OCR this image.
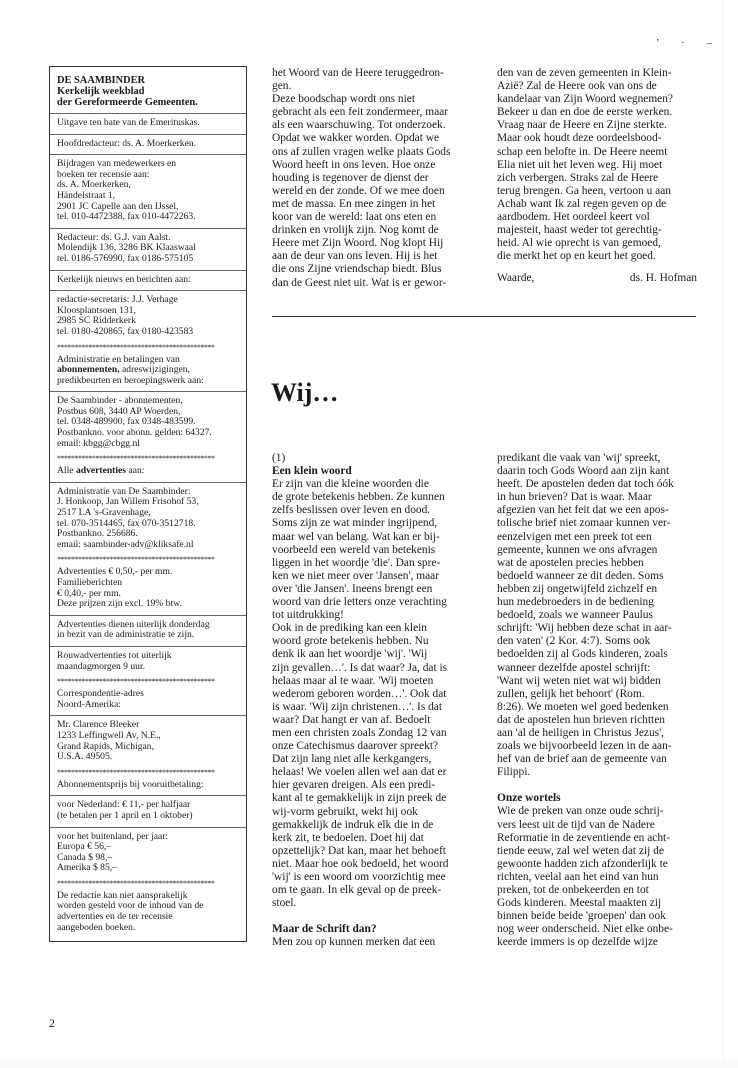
’ · –
DE SAAMBINDER
Kerkelijk weekblad
der Gereformeerde Gemeenten.

Uitgave ten bate van de Emerituskas.

Hoofdredacteur: ds. A. Moerkerken.

Bijdragen van medewerkers en

boeken ter recensie aan:

ds. A. Moerkerken,

Händelstraat 1,

2901 JC Capelle aan den IJssel,

tel. 010-4472388, fax 010-4472263.

Redacteur: ds. G.J. van Aalst.

Molendijk 136, 3286 BK Klaaswaal

tel. 0186-576990, fax 0186-575105

Kerkelijk nieuws en berichten aan:

redactie-secretaris: J.J. Verhage

Kloosplantsoen 131,

2985 SC Ridderkerk

tel. 0180-420865, fax 0180-423583

*********************************************

Administratie en betalingen van

abonnementen, adreswijzigingen,

predikbeurten en beroepingswerk aan:

De Saambinder - abonnementen,

Postbus 608, 3440 AP Woerden,

tel. 0348-489900, fax 0348-483599.

Postbankno. voor abonn. gelden: 64327.

email: kbgg@cbgg.nl

*********************************************

Alle advertenties aan:

Administratie van De Saambinder:

J. Honkoop, Jan Willem Frisohof 53,

2517 LA 's-Gravenhage,

tel. 070-3514465, fax 070-3512718.

Postbankno. 256686.

email: saambinder-adv@kliksafe.nl

*********************************************

Advertenties € 0,50,- per mm.

Familieberichten

€ 0,40,- per mm.

Deze prijzen zijn excl. 19% btw.

Advertenties dienen uiterlijk donderdag

in bezit van de administratie te zijn.

Rouwadvertenties tot uiterlijk

maandagmorgen 9 uur.

*********************************************

Correspondentie-adres

Noord-Amerika:

Mr. Clarence Bleeker

1233 Leffingwell Av, N.E.,

Grand Rapids, Michigan,

U.S.A. 49505.

*********************************************

Abonnementsprijs bij vooruitbetaling:

voor Nederland: € 11,- per halfjaar

(te betalen per 1 april en 1 oktober)

voor het buitenland, per jaar:

Europa € 56,–

Canada $ 98,–

Amerika $ 85,–

*********************************************

De redactie kan niet aansprakelijk

worden gesteld voor de inhoud van de

advertenties en de ter recensie

aangeboden boeken.

het Woord van de Heere teruggedron-

gen.

Deze boodschap wordt ons niet

gebracht als een feit zondermeer, maar

als een waarschuwing. Tot onderzoek.

Opdat we wakker worden. Opdat we

ons af zullen vragen welke plaats Gods

Woord heeft in ons leven. Hoe onze

houding is tegenover de dienst der

wereld en der zonde. Of we mee doen

met de massa. En mee zingen in het

koor van de wereld: laat ons eten en

drinken en vrolijk zijn. Nog komt de

Heere met Zijn Woord. Nog klopt Hij

aan de deur van ons leven. Hij is het

die ons Zijne vriendschap biedt. Blus

dan de Geest niet uit. Wat is er gewor-

den van de zeven gemeenten in Klein-

Azië? Zal de Heere ook van ons de

kandelaar van Zijn Woord wegnemen?

Bekeer u dan en doe de eerste werken.

Vraag naar de Heere en Zijne sterkte.

Maar ook houdt deze oordeelsbood-

schap een belofte in. De Heere neemt

Elia niet uit het leven weg. Hij moet

zich verbergen. Straks zal de Heere

terug brengen. Ga heen, vertoon u aan

Achab want Ik zal regen geven op de

aardbodem. Het oordeel keert vol

majesteit, haast weder tot gerechtig-

heid. Al wie oprecht is van gemoed,

die merkt het op en keurt het goed.

Waarde,	ds. H. Hofman
Wij…

(1)

Een klein woord

Er zijn van die kleine woorden die

de grote betekenis hebben. Ze kunnen

zelfs beslissen over leven en dood.

Soms zijn ze wat minder ingrijpend,

maar wel van belang. Wat kan er bij-

voorbeeld een wereld van betekenis

liggen in het woordje 'die'. Dan spre-

ken we niet meer over 'Jansen', maar

over 'die Jansen'. Ineens brengt een

woord van drie letters onze verachting

tot uitdrukking!

Ook in de prediking kan een klein

woord grote betekenis hebben. Nu

denk ik aan het woordje 'wij'. 'Wij

zijn gevallen…'. Is dat waar? Ja, dat is

helaas maar al te waar. 'Wij moeten

wederom geboren worden…'. Ook dat

is waar. 'Wij zijn christenen…'. Is dat

waar? Dat hangt er van af. Bedoelt

men een christen zoals Zondag 12 van

onze Catechismus daarover spreekt?

Dat zijn lang niet alle kerkgangers,

helaas! We voelen allen wel aan dat er

hier gevaren dreigen. Als een predi-

kant al te gemakkelijk in zijn preek de

wij-vorm gebruikt, wekt hij ook

gemakkelijk de indruk elk die in de

kerk zit, te bedoelen. Doet hij dat

opzettelijk? Dat kan, maar het behoeft

niet. Maar hoe ook bedoeld, het woord

'wij' is een woord om voorzichtig mee

om te gaan. In elk geval op de preek-

stoel.

Maar de Schrift dan?

Men zou op kunnen merken dat een

predikant die vaak van 'wij' spreekt,

daarin toch Gods Woord aan zijn kant

heeft. De apostelen deden dat toch óók

in hun brieven? Dat is waar. Maar

afgezien van het feit dat we een apos-

tolische brief niet zomaar kunnen ver-

eenzelvigen met een preek tot een

gemeente, kunnen we ons afvragen

wat de apostelen precies hebben

bedoeld wanneer ze dit deden. Soms

hebben zij ongetwijfeld zichzelf en

hun medebroeders in de bediening

bedoeld, zoals we wanneer Paulus

schrijft: 'Wij hebben deze schat in aar-

den vaten' (2 Kor. 4:7). Soms ook

bedoelden zij al Gods kinderen, zoals

wanneer dezelfde apostel schrijft:

'Want wij weten niet wat wij bidden

zullen, gelijk het behoort' (Rom.

8:26). We moeten wel goed bedenken

dat de apostelen hun brieven richtten

aan 'al de heiligen in Christus Jezus',

zoals we bijvoorbeeld lezen in de aan-

hef van de brief aan de gemeente van

Filippi.

Onze wortels

Wie de preken van onze oude schrij-

vers leest uit de tijd van de Nadere

Reformatie in de zeventiende en acht-

tiende eeuw, zal wel weten dat zij de

gewoonte hadden zich afzonderlijk te

richten, veelal aan het eind van hun

preken, tot de onbekeerden en tot

Gods kinderen. Meestal maakten zij

binnen beide beide 'groepen' dan ook

nog weer onderscheid. Niet elke onbe-

keerde immers is op dezelfde wijze

2
